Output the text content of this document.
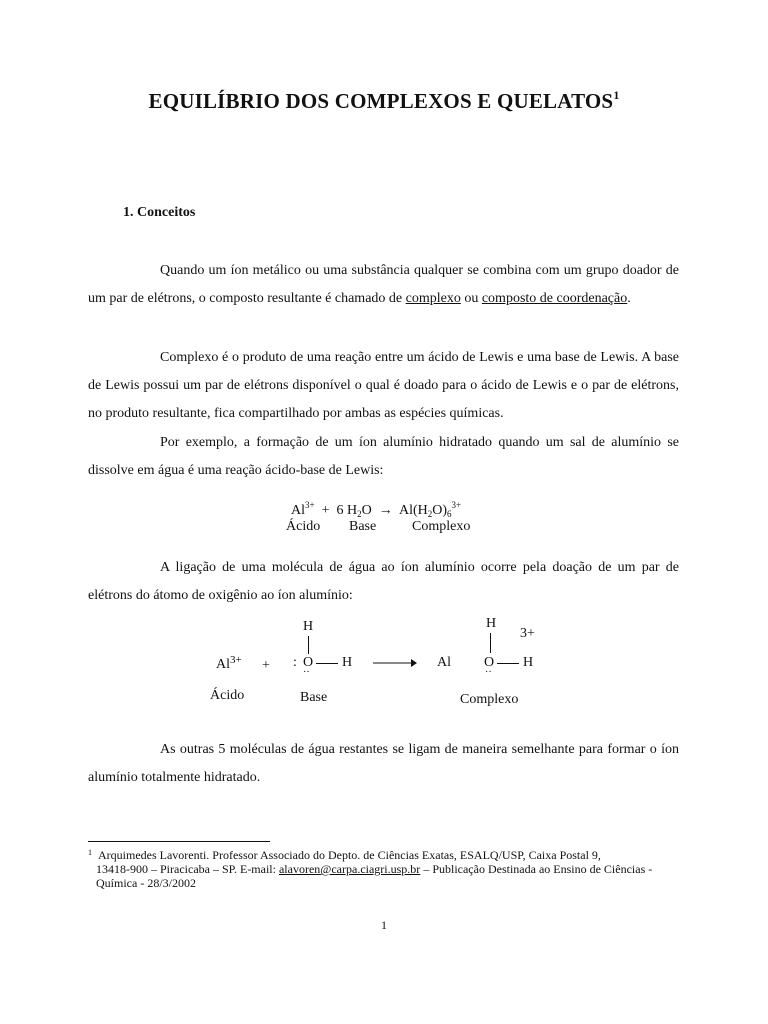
EQUILÍBRIO DOS COMPLEXOS E QUELATOS$^1$
1. Conceitos

Quando um íon metálico ou uma substância qualquer se combina com um grupo doador de um par de elétrons, o composto resultante é chamado de complexo ou composto de coordenação.

Complexo é o produto de uma reação entre um ácido de Lewis e uma base de Lewis. A base de Lewis possui um par de elétrons disponível o qual é doado para o ácido de Lewis e o par de elétrons, no produto resultante, fica compartilhado por ambas as espécies químicas.

Por exemplo, a formação de um íon alumínio hidratado quando um sal de alumínio se dissolve em água é uma reação ácido-base de Lewis:

$Al^{3+} + 6$ $H_2O \to Al(H_2O)_6^{3+}$
Ácido Base	Complexo

A ligação de uma molécula de água ao íon alumínio ocorre pela doação de um par de elétrons do átomo de oxigênio ao íon alumínio:

$Al^{3+}$ +
H
: O
··
H
H
3+
Al O
··
H
Ácido	Base	Complexo

As outras 5 moléculas de água restantes se ligam de maneira semelhante para formar o íon alumínio totalmente hidratado.

$^1$ Arquimedes Lavorenti. Professor Associado do Depto. de Ciências Exatas, ESALQ/USP, Caixa Postal 9,
13418-900 – Piracicaba – SP. E-mail: alavoren@carpa.ciagri.usp.br – Publicação Destinada ao Ensino de Ciências -
Química - 28/3/2002
1
